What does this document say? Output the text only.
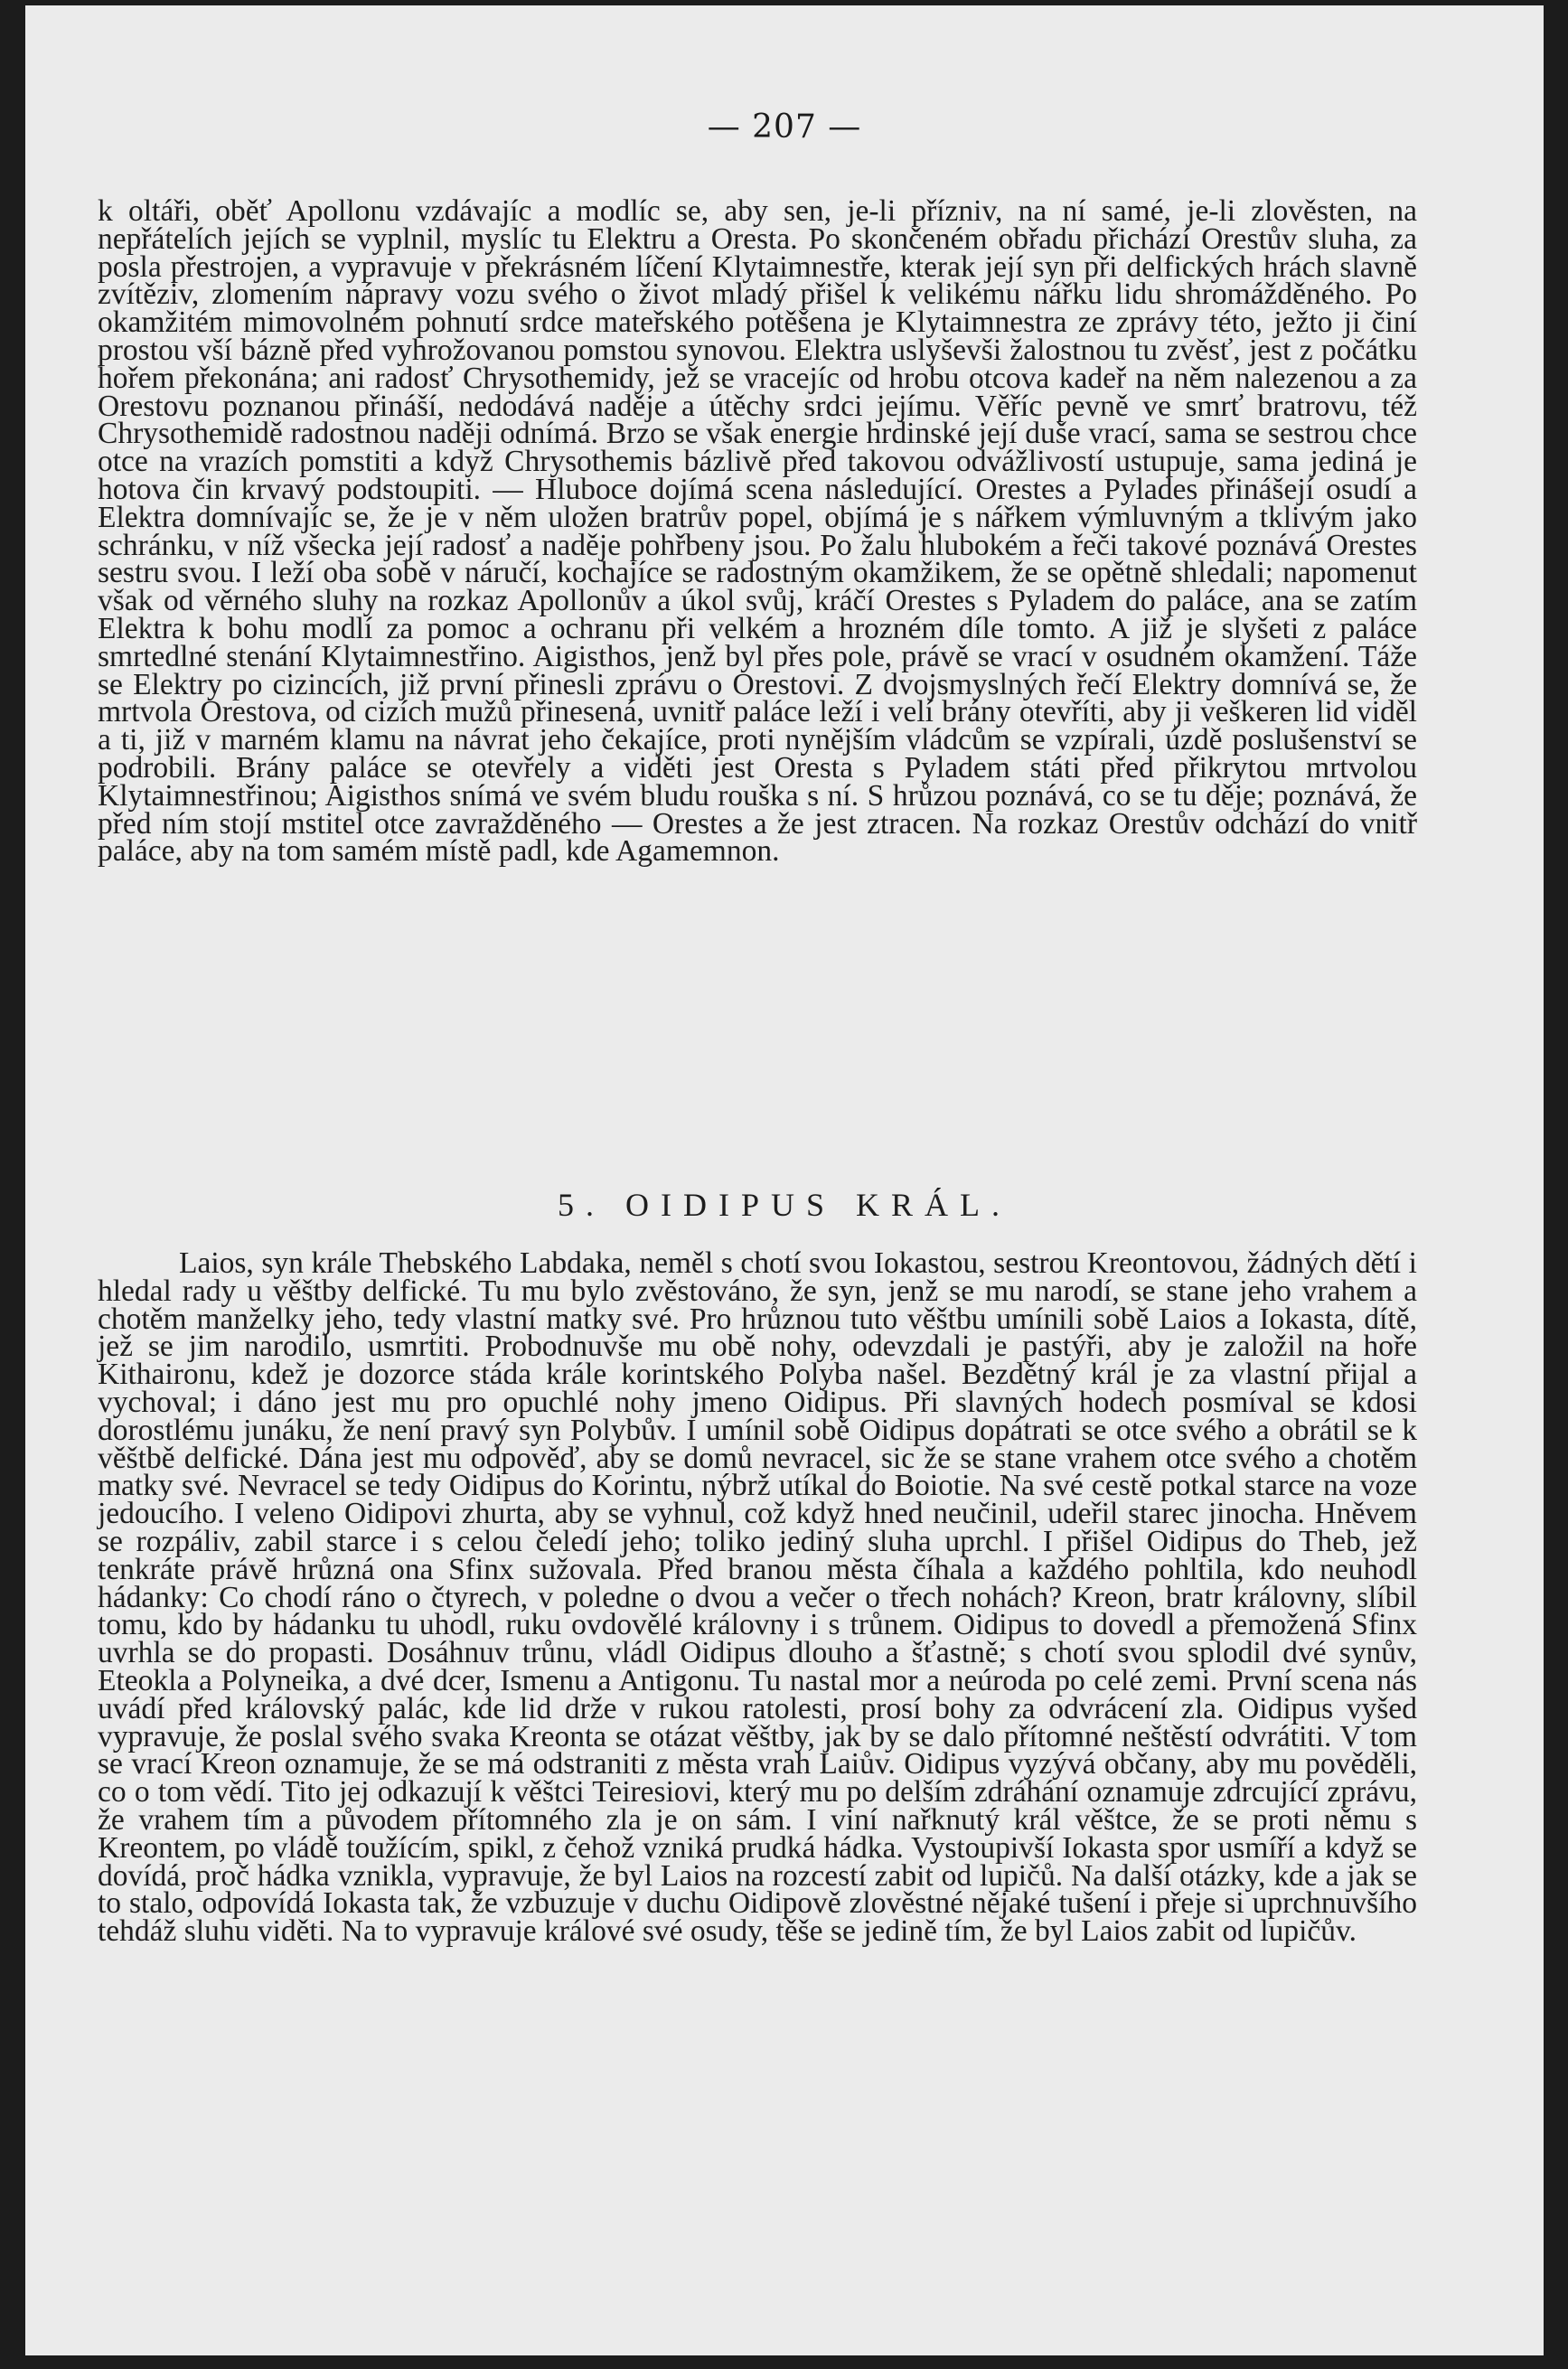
— 207 —

k oltáři, oběť Apollonu vzdávajíc a modlíc se, aby sen, je-li přízniv, na ní samé, je-li zlověsten, na nepřátelích jejích se vyplnil, myslíc tu Elektru a Oresta. Po skončeném obřadu přichází Orestův sluha, za posla přestrojen, a vypravuje v překrásném líčení Klytaimnestře, kterak její syn při delfických hrách slavně zvítěziv, zlomením nápravy vozu svého o život mladý přišel k velikému nářku lidu shromážděného. Po okamžitém mimovolném pohnutí srdce mateřského potěšena je Klytaimnestra ze zprávy této, ježto ji činí prostou vší bázně před vyhrožovanou pomstou synovou. Elektra uslyševši žalostnou tu zvěsť, jest z počátku hořem překonána; ani radosť Chrysothemidy, jež se vracejíc od hrobu otcova kadeř na něm nalezenou a za Orestovu poznanou přináší, nedodává naděje a útěchy srdci jejímu. Věříc pevně ve smrť bratrovu, též Chrysothemidě radostnou naději odnímá. Brzo se však energie hrdinské její duše vrací, sama se sestrou chce otce na vrazích pomstiti a když Chrysothemis bázlivě před takovou odvážlivostí ustupuje, sama jediná je hotova čin krvavý podstoupiti. — Hluboce dojímá scena následující. Orestes a Pylades přinášejí osudí a Elektra domnívajíc se, že je v něm uložen bratrův popel, objímá je s nářkem výmluvným a tklivým jako schránku, v níž všecka její radosť a naděje pohřbeny jsou. Po žalu hlubokém a řeči takové poznává Orestes sestru svou. I leží oba sobě v náručí, kochajíce se radostným okamžikem, že se opětně shledali; napomenut však od věrného sluhy na rozkaz Apollonův a úkol svůj, kráčí Orestes s Pyladem do paláce, ana se zatím Elektra k bohu modlí za pomoc a ochranu při velkém a hrozném díle tomto. A již je slyšeti z paláce smrtedlné stenání Klytaimnestřino. Aigisthos, jenž byl přes pole, právě se vrací v osudném okamžení. Táže se Elektry po cizincích, již první přinesli zprávu o Orestovi. Z dvojsmyslných řečí Elektry domnívá se, že mrtvola Orestova, od cizích mužů přinesená, uvnitř paláce leží i velí brány otevříti, aby ji veškeren lid viděl a ti, již v marném klamu na návrat jeho čekajíce, proti nynějším vládcům se vzpírali, úzdě poslušenství se podrobili. Brány paláce se otevřely a viděti jest Oresta s Pyladem státi před přikrytou mrtvolou Klytaimnestřinou; Aigisthos snímá ve svém bludu rouška s ní. S hrůzou poznává, co se tu děje; poznává, že před ním stojí mstitel otce zavražděného — Orestes a že jest ztracen. Na rozkaz Orestův odchází do vnitř paláce, aby na tom samém místě padl, kde Agamemnon.

5. OIDIPUS KRÁL.

Laios, syn krále Thebského Labdaka, neměl s chotí svou Iokastou, sestrou Kreontovou, žádných dětí i hledal rady u věštby delfické. Tu mu bylo zvěstováno, že syn, jenž se mu narodí, se stane jeho vrahem a chotěm manželky jeho, tedy vlastní matky své. Pro hrůznou tuto věštbu umínili sobě Laios a Iokasta, dítě, jež se jim narodilo, usmrtiti. Probodnuvše mu obě nohy, odevzdali je pastýři, aby je založil na hoře Kithaironu, kdež je dozorce stáda krále korintského Polyba našel. Bezdětný král je za vlastní přijal a vychoval; i dáno jest mu pro opuchlé nohy jmeno Oidipus. Při slavných hodech posmíval se kdosi dorostlému junáku, že není pravý syn Polybův. I umínil sobě Oidipus dopátrati se otce svého a obrátil se k věštbě delfické. Dána jest mu odpověď, aby se domů nevracel, sic že se stane vrahem otce svého a chotěm matky své. Nevracel se tedy Oidipus do Korintu, nýbrž utíkal do Boiotie. Na své cestě potkal starce na voze jedoucího. I veleno Oidipovi zhurta, aby se vyhnul, což když hned neučinil, udeřil starec jinocha. Hněvem se rozpáliv, zabil starce i s celou čeledí jeho; toliko jediný sluha uprchl. I přišel Oidipus do Theb, jež tenkráte právě hrůzná ona Sfinx sužovala. Před branou města číhala a každého pohltila, kdo neuhodl hádanky: Co chodí ráno o čtyrech, v poledne o dvou a večer o třech nohách? Kreon, bratr královny, slíbil tomu, kdo by hádanku tu uhodl, ruku ovdovělé královny i s trůnem. Oidipus to dovedl a přemožená Sfinx uvrhla se do propasti. Dosáhnuv trůnu, vládl Oidipus dlouho a šťastně; s chotí svou splodil dvé synův, Eteokla a Polyneika, a dvé dcer, Ismenu a Antigonu. Tu nastal mor a neúroda po celé zemi. První scena nás uvádí před královský palác, kde lid drže v rukou ratolesti, prosí bohy za odvrácení zla. Oidipus vyšed vypravuje, že poslal svého svaka Kreonta se otázat věštby, jak by se dalo přítomné neštěstí odvrátiti. V tom se vrací Kreon oznamuje, že se má odstraniti z města vrah Laiův. Oidipus vyzývá občany, aby mu pověděli, co o tom vědí. Tito jej odkazují k věštci Teiresiovi, který mu po delším zdráhání oznamuje zdrcující zprávu, že vrahem tím a původem přítomného zla je on sám. I viní nařknutý král věštce, že se proti němu s Kreontem, po vládě toužícím, spikl, z čehož vzniká prudká hádka. Vystoupivší Iokasta spor usmíří a když se dovídá, proč hádka vznikla, vypravuje, že byl Laios na rozcestí zabit od lupičů. Na další otázky, kde a jak se to stalo, odpovídá Iokasta tak, že vzbuzuje v duchu Oidipově zlověstné nějaké tušení i přeje si uprchnuvšího tehdáž sluhu viděti. Na to vypravuje králové své osudy, těše se jedině tím, že byl Laios zabit od lupičův.
